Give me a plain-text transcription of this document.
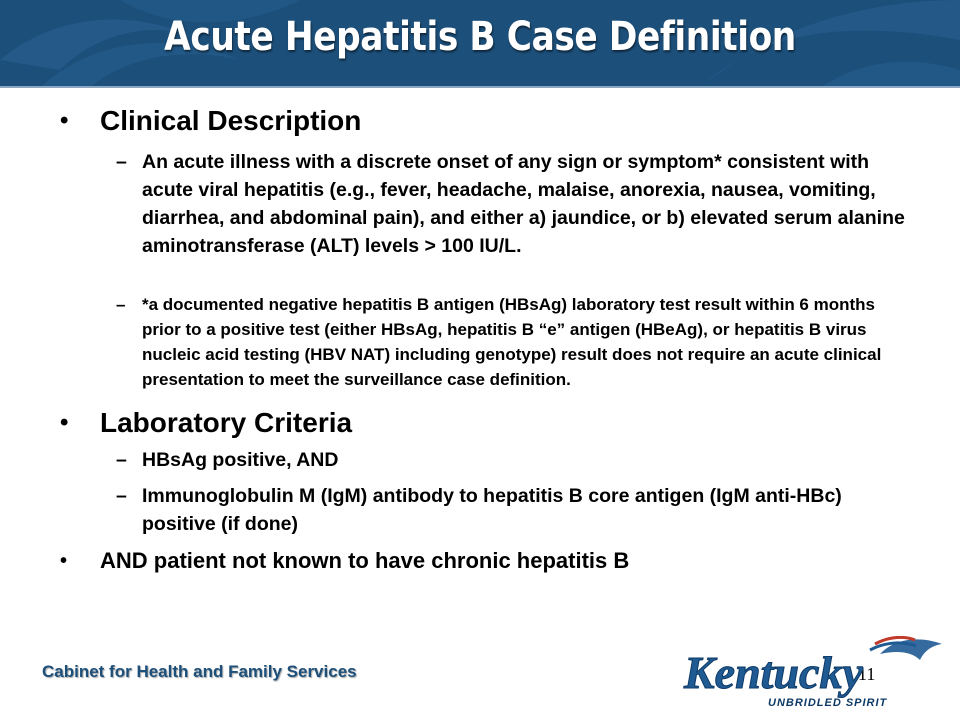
Acute Hepatitis B Case Definition
• Clinical Description
– An acute illness with a discrete onset of any sign or symptom* consistent with acute viral hepatitis (e.g., fever, headache, malaise, anorexia, nausea, vomiting, diarrhea, and abdominal pain), and either a) jaundice, or b) elevated serum alanine aminotransferase (ALT) levels > 100 IU/L.
– *a documented negative hepatitis B antigen (HBsAg) laboratory test result within 6 months prior to a positive test (either HBsAg, hepatitis B “e” antigen (HBeAg), or hepatitis B virus nucleic acid testing (HBV NAT) including genotype) result does not require an acute clinical presentation to meet the surveillance case definition.
• Laboratory Criteria
– HBsAg positive, AND
– Immunoglobulin M (IgM) antibody to hepatitis B core antigen (IgM anti-HBc) positive (if done)
• AND patient not known to have chronic hepatitis B
Cabinet for Health and Family Services	11
Kentucky
UNBRIDLED SPIRIT
